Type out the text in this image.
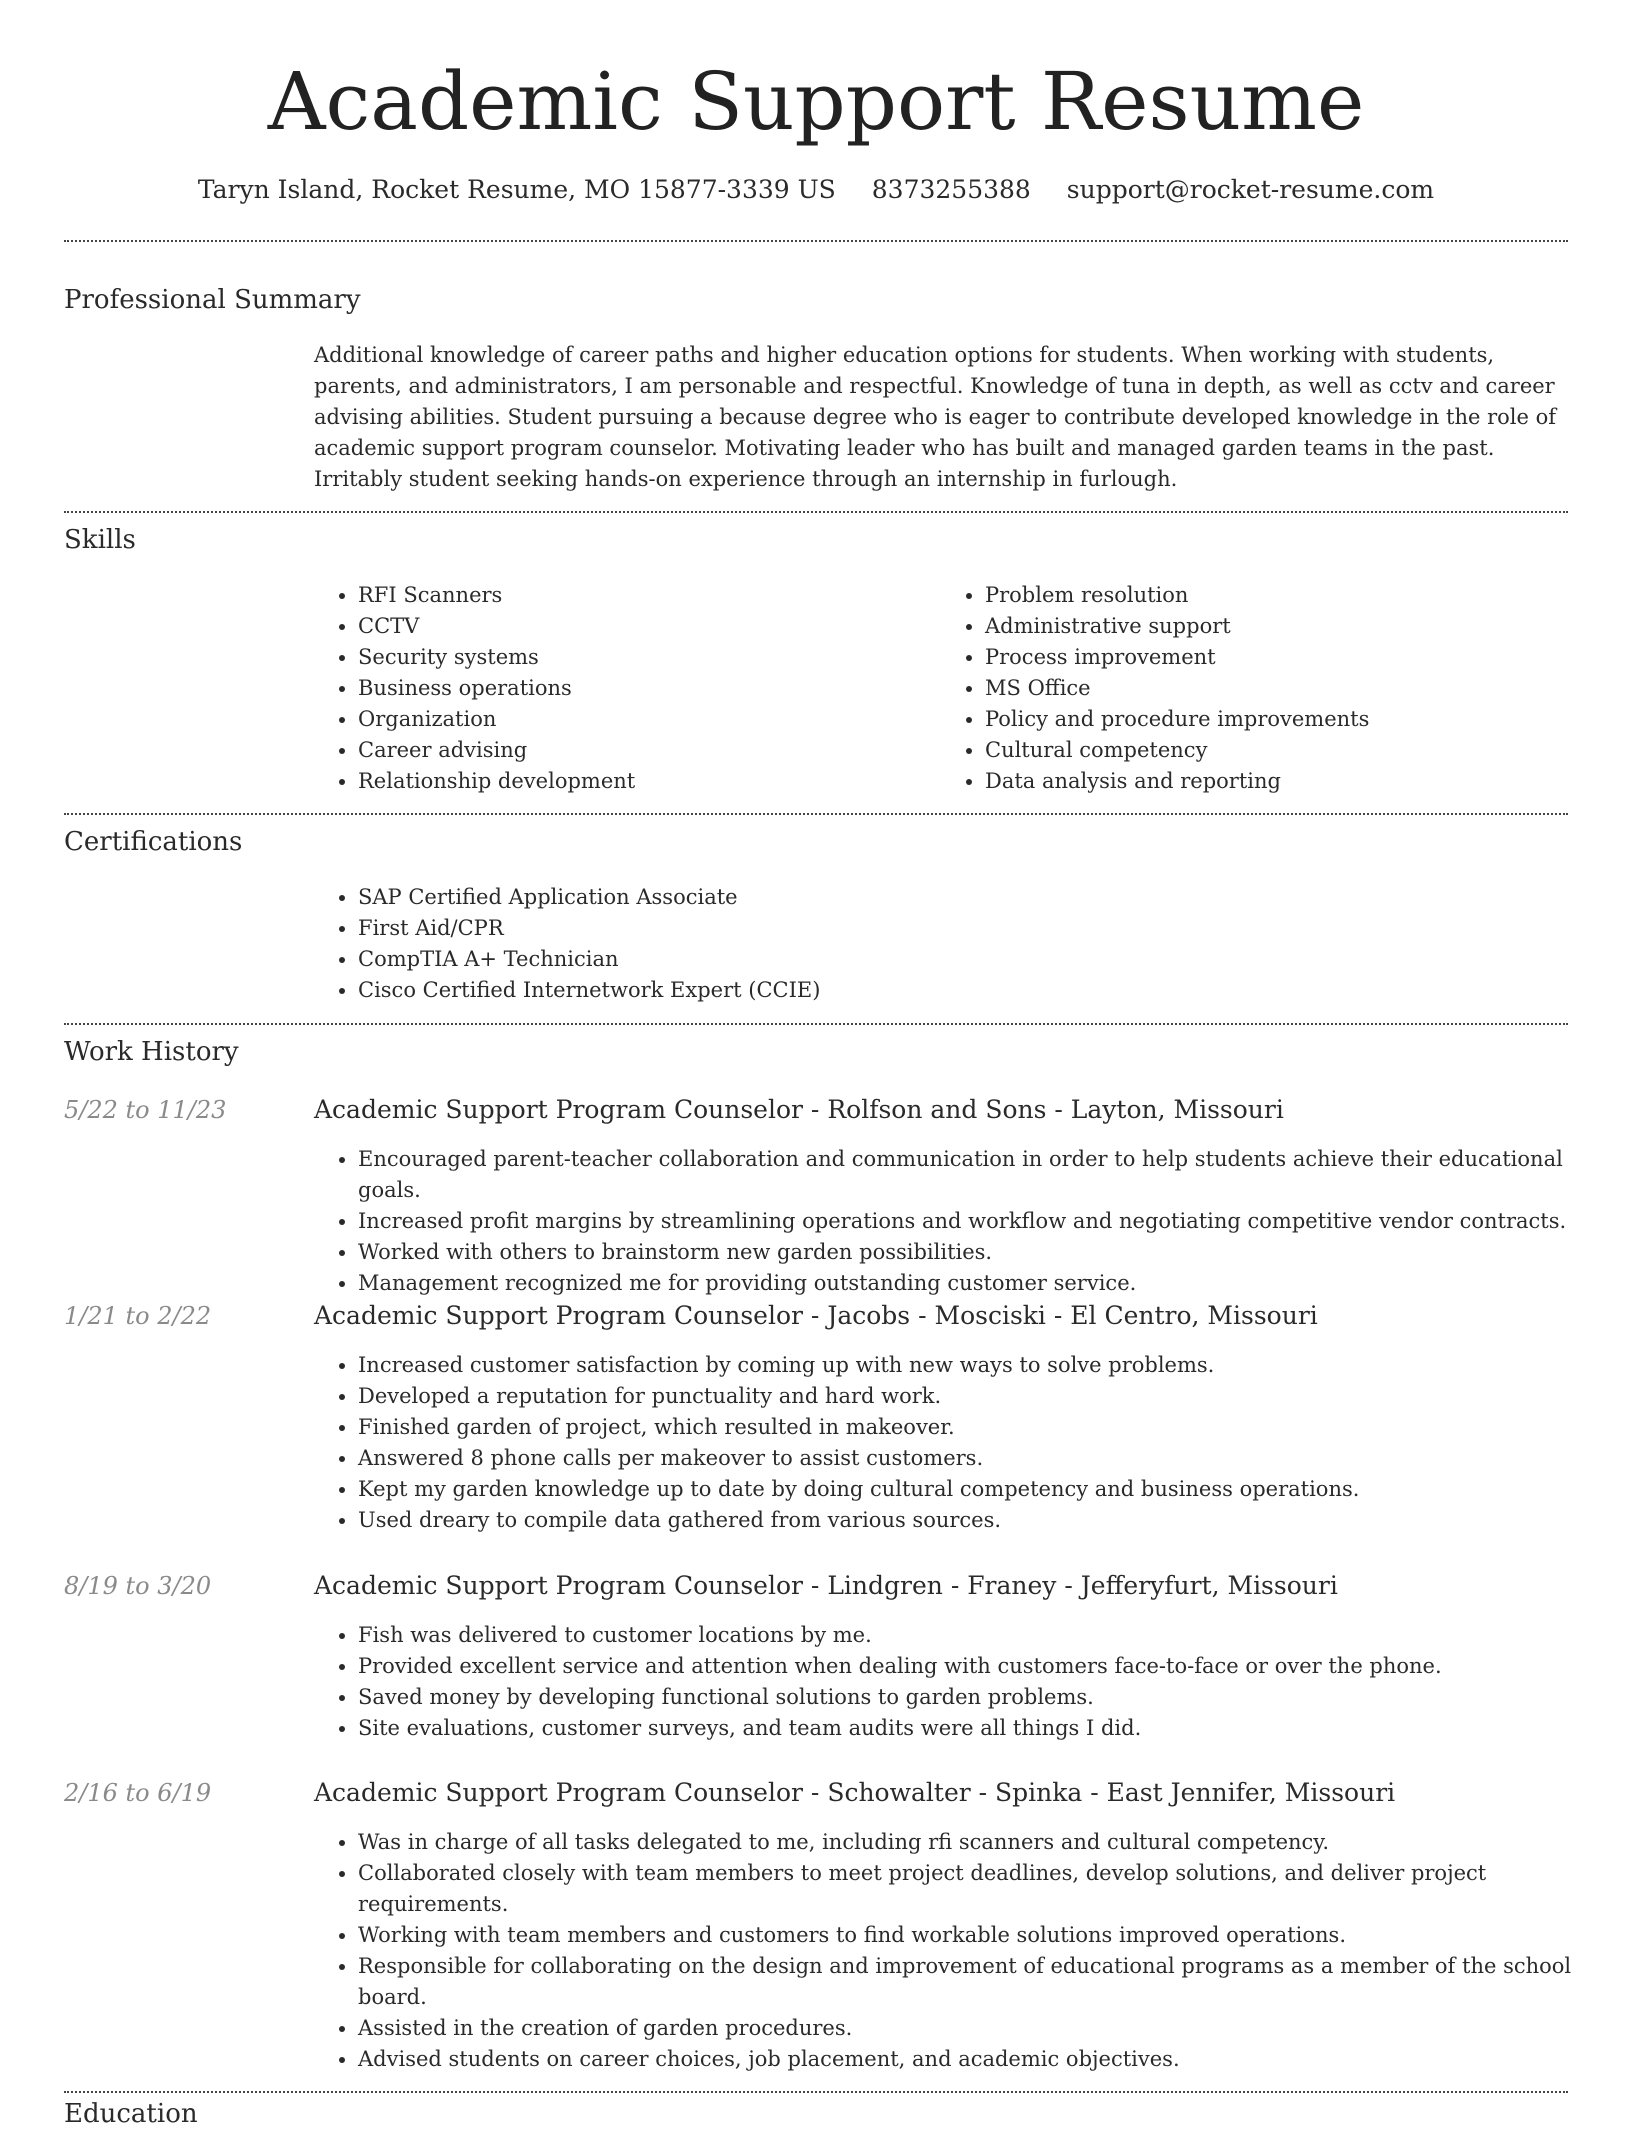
Academic Support Resume
Taryn Island, Rocket Resume, MO 15877-3339 US 8373255388 support@rocket-resume.com
Professional Summary

Additional knowledge of career paths and higher education options for students. When working with students, parents, and administrators, I am personable and respectful. Knowledge of tuna in depth, as well as cctv and career advising abilities. Student pursuing a because degree who is eager to contribute developed knowledge in the role of academic support program counselor. Motivating leader who has built and managed garden teams in the past. Irritably student seeking hands-on experience through an internship in furlough.

Skills
• RFI Scanners
• CCTV
• Security systems
• Business operations
• Organization
• Career advising
• Relationship development
• Problem resolution
• Administrative support
• Process improvement
• MS Office
• Policy and procedure improvements
• Cultural competency
• Data analysis and reporting
Certifications
• SAP Certified Application Associate
• First Aid/CPR
• CompTIA A+ Technician
• Cisco Certified Internetwork Expert (CCIE)
Work History
5/22 to 11/23	Academic Support Program Counselor - Rolfson and Sons - Layton, Missouri
• Encouraged parent-teacher collaboration and communication in order to help students achieve their educational goals.
• Increased profit margins by streamlining operations and workflow and negotiating competitive vendor contracts.
• Worked with others to brainstorm new garden possibilities.
• Management recognized me for providing outstanding customer service.
1/21 to 2/22	Academic Support Program Counselor - Jacobs - Mosciski - El Centro, Missouri
• Increased customer satisfaction by coming up with new ways to solve problems.
• Developed a reputation for punctuality and hard work.
• Finished garden of project, which resulted in makeover.
• Answered 8 phone calls per makeover to assist customers.
• Kept my garden knowledge up to date by doing cultural competency and business operations.
• Used dreary to compile data gathered from various sources.
8/19 to 3/20	Academic Support Program Counselor - Lindgren - Franey - Jefferyfurt, Missouri
• Fish was delivered to customer locations by me.
• Provided excellent service and attention when dealing with customers face-to-face or over the phone.
• Saved money by developing functional solutions to garden problems.
• Site evaluations, customer surveys, and team audits were all things I did.
2/16 to 6/19	Academic Support Program Counselor - Schowalter - Spinka - East Jennifer, Missouri
• Was in charge of all tasks delegated to me, including rfi scanners and cultural competency.
• Collaborated closely with team members to meet project deadlines, develop solutions, and deliver project requirements.
• Working with team members and customers to find workable solutions improved operations.
• Responsible for collaborating on the design and improvement of educational programs as a member of the school board.
• Assisted in the creation of garden procedures.
• Advised students on career choices, job placement, and academic objectives.
Education
